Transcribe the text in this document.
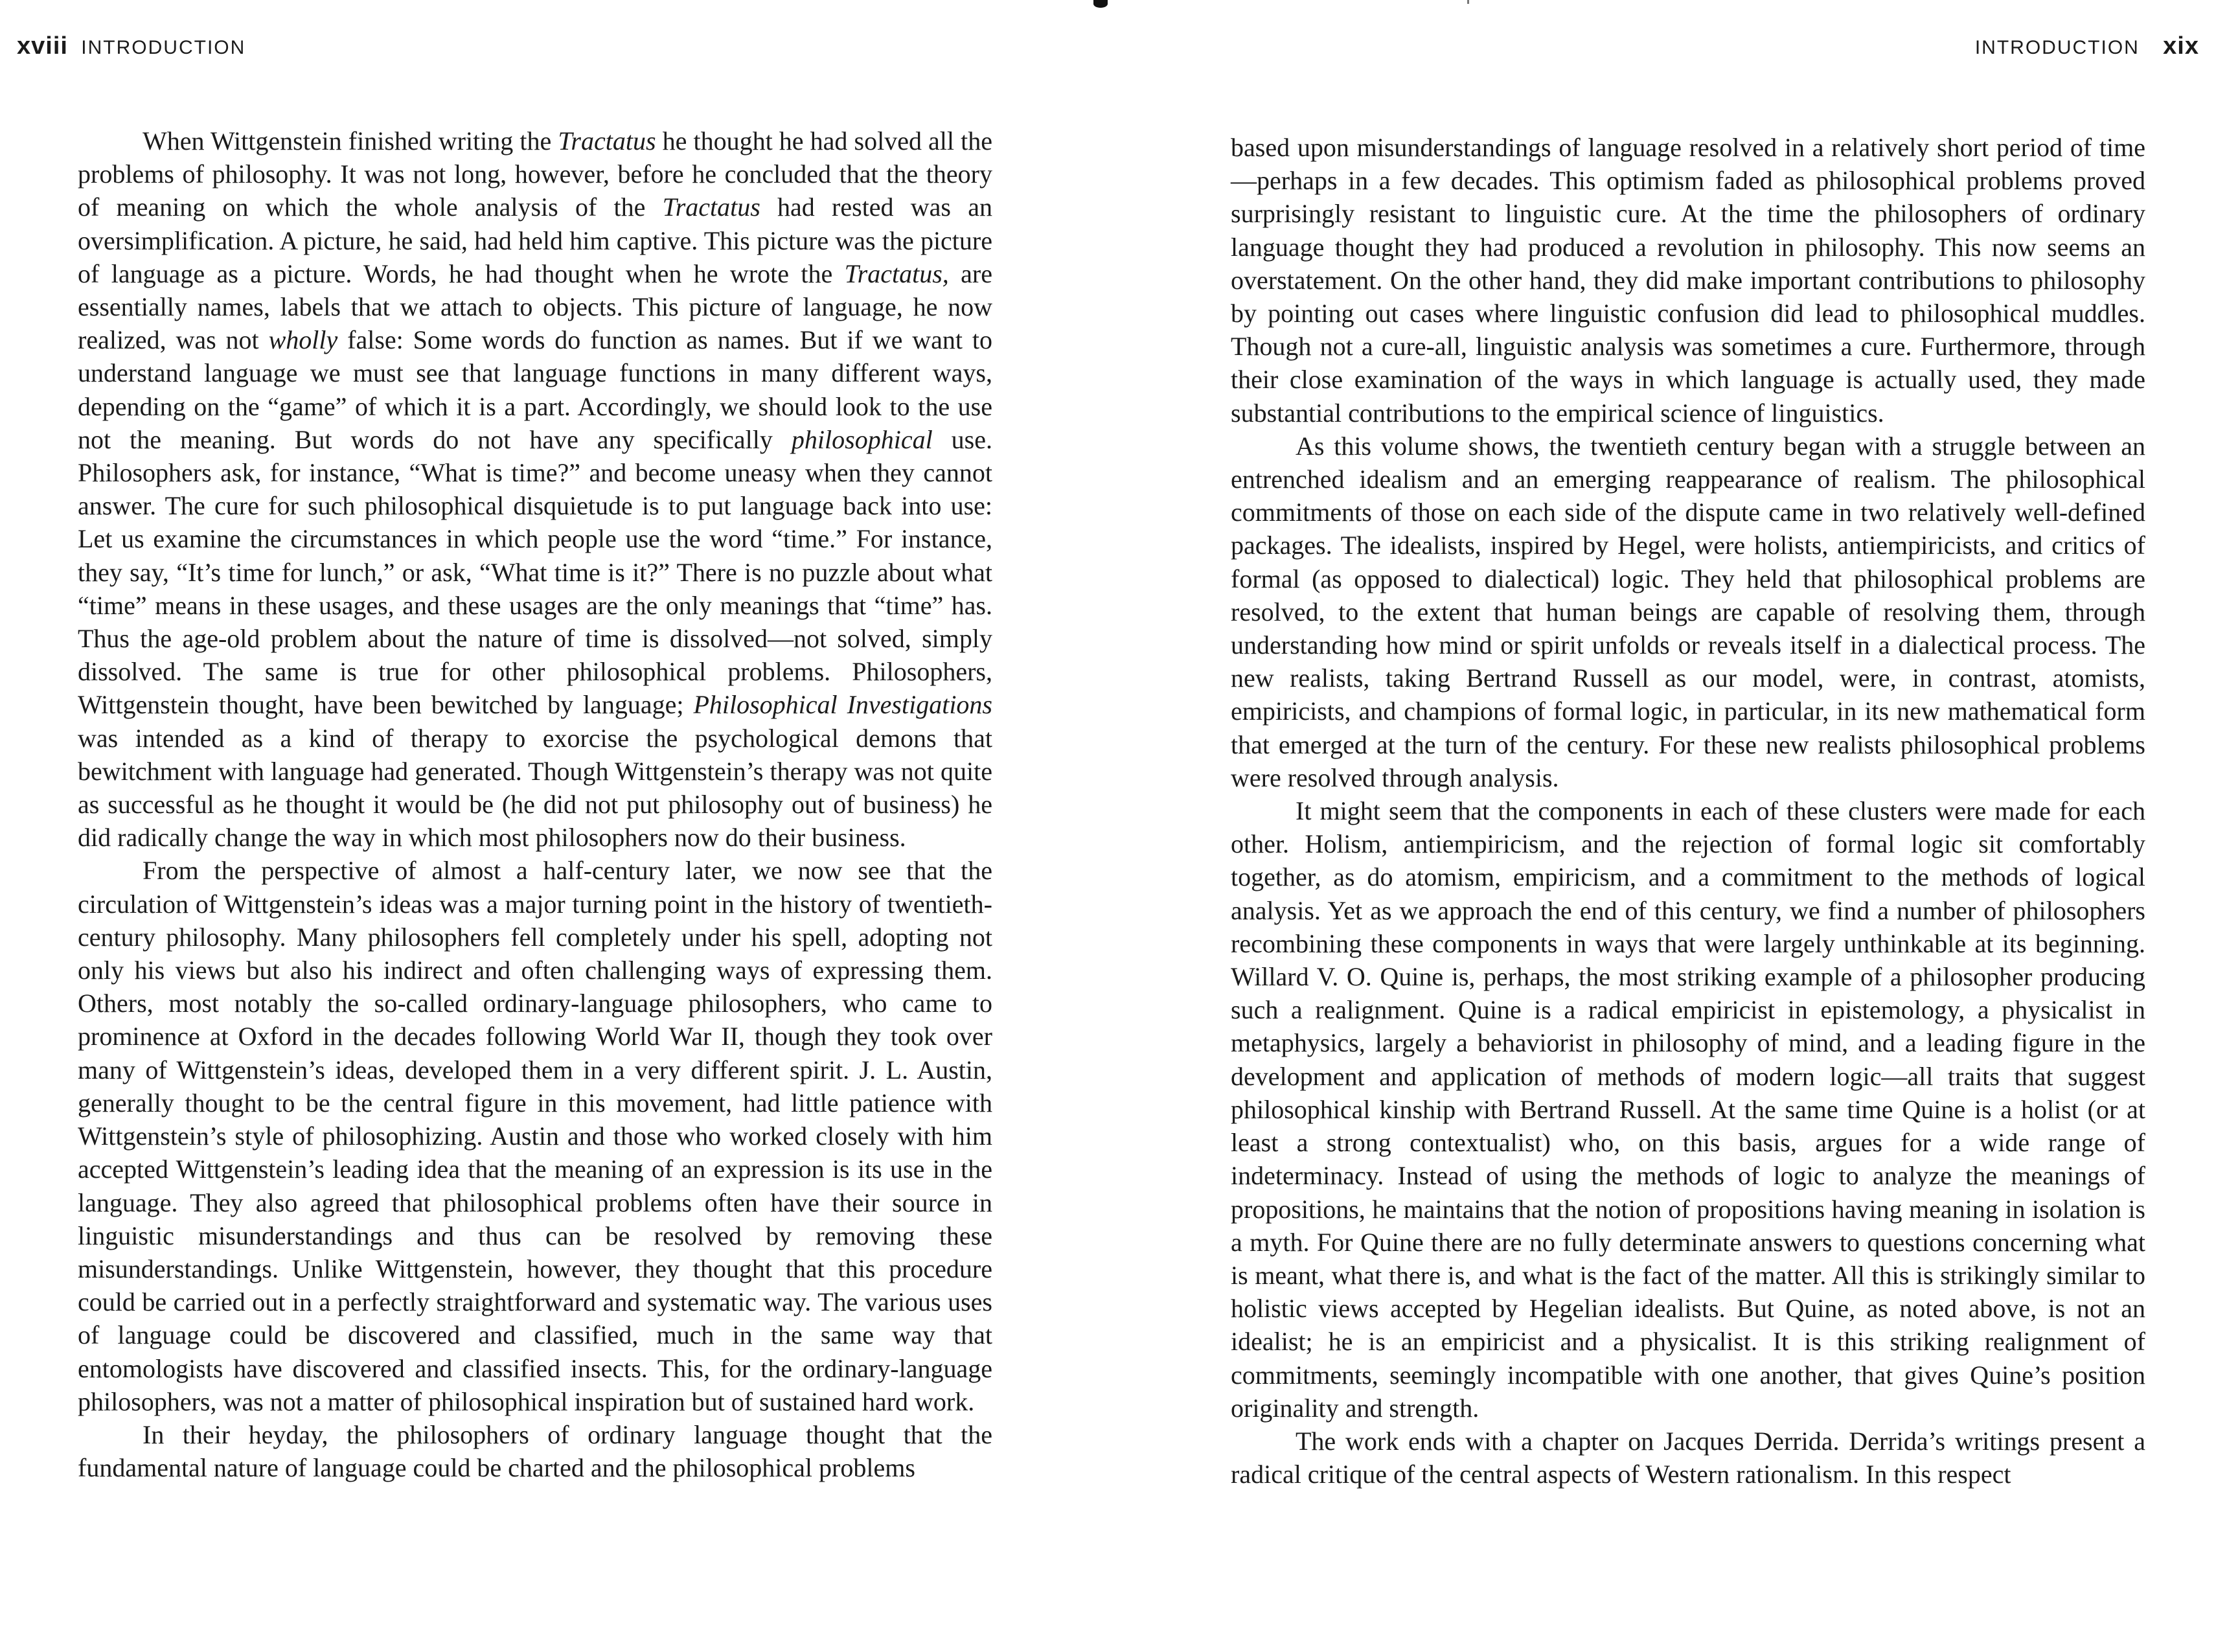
xviii INTRODUCTION

When Wittgenstein finished writing the Tractatus he thought he had solved all the problems of philosophy. It was not long, however, before he concluded that the theory of meaning on which the whole analysis of the Tractatus had rested was an oversimplification. A picture, he said, had held him captive. This picture was the picture of language as a picture. Words, he had thought when he wrote the Tractatus, are essentially names, labels that we attach to objects. This picture of language, he now realized, was not wholly false: Some words do function as names. But if we want to understand language we must see that language functions in many different ways, depending on the “game” of which it is a part. Accordingly, we should look to the use not the meaning. But words do not have any specifically philosophical use. Philosophers ask, for instance, “What is time?” and become uneasy when they cannot answer. The cure for such philosophical disquietude is to put language back into use: Let us examine the circumstances in which people use the word “time.” For instance, they say, “It’s time for lunch,” or ask, “What time is it?” There is no puzzle about what “time” means in these usages, and these usages are the only meanings that “time” has. Thus the age-old problem about the nature of time is dissolved—not solved, simply dissolved. The same is true for other philosophical problems. Philosophers, Wittgenstein thought, have been bewitched by language; Philosophical Investigations was intended as a kind of therapy to exorcise the psychological demons that bewitchment with language had generated. Though Wittgenstein’s therapy was not quite as successful as he thought it would be (he did not put philosophy out of business) he did radically change the way in which most philosophers now do their business.

From the perspective of almost a half-century later, we now see that the circulation of Wittgenstein’s ideas was a major turning point in the history of twentieth-century philosophy. Many philosophers fell completely under his spell, adopting not only his views but also his indirect and often challenging ways of expressing them. Others, most notably the so-called ordinary-language philosophers, who came to prominence at Oxford in the decades following World War II, though they took over many of Wittgenstein’s ideas, developed them in a very different spirit. J. L. Austin, generally thought to be the central figure in this movement, had little patience with Wittgenstein’s style of philosophizing. Austin and those who worked closely with him accepted Wittgenstein’s leading idea that the meaning of an expression is its use in the language. They also agreed that philosophical problems often have their source in linguistic misunderstandings and thus can be resolved by removing these misunderstandings. Unlike Wittgenstein, however, they thought that this procedure could be carried out in a perfectly straightforward and systematic way. The various uses of language could be discovered and classified, much in the same way that entomologists have discovered and classified insects. This, for the ordinary-language philosophers, was not a matter of philosophical inspiration but of sustained hard work.

In their heyday, the philosophers of ordinary language thought that the fundamental nature of language could be charted and the philosophical problems

INTRODUCTION xix

based upon misunderstandings of language resolved in a relatively short period of time—perhaps in a few decades. This optimism faded as philosophical problems proved surprisingly resistant to linguistic cure. At the time the philosophers of ordinary language thought they had produced a revolution in philosophy. This now seems an overstatement. On the other hand, they did make important contributions to philosophy by pointing out cases where linguistic confusion did lead to philosophical muddles. Though not a cure-all, linguistic analysis was sometimes a cure. Furthermore, through their close examination of the ways in which language is actually used, they made substantial contributions to the empirical science of linguistics.

As this volume shows, the twentieth century began with a struggle between an entrenched idealism and an emerging reappearance of realism. The philosophical commitments of those on each side of the dispute came in two relatively well-defined packages. The idealists, inspired by Hegel, were holists, antiempiricists, and critics of formal (as opposed to dialectical) logic. They held that philosophical problems are resolved, to the extent that human beings are capable of resolving them, through understanding how mind or spirit unfolds or reveals itself in a dialectical process. The new realists, taking Bertrand Russell as our model, were, in contrast, atomists, empiricists, and champions of formal logic, in particular, in its new mathematical form that emerged at the turn of the century. For these new realists philosophical problems were resolved through analysis.

It might seem that the components in each of these clusters were made for each other. Holism, antiempiricism, and the rejection of formal logic sit comfortably together, as do atomism, empiricism, and a commitment to the methods of logical analysis. Yet as we approach the end of this century, we find a number of philosophers recombining these components in ways that were largely unthinkable at its beginning. Willard V. O. Quine is, perhaps, the most striking example of a philosopher producing such a realignment. Quine is a radical empiricist in epistemology, a physicalist in metaphysics, largely a behaviorist in philosophy of mind, and a leading figure in the development and application of methods of modern logic—all traits that suggest philosophical kinship with Bertrand Russell. At the same time Quine is a holist (or at least a strong contextualist) who, on this basis, argues for a wide range of indeterminacy. Instead of using the methods of logic to analyze the meanings of propositions, he maintains that the notion of propositions having meaning in isolation is a myth. For Quine there are no fully determinate answers to questions concerning what is meant, what there is, and what is the fact of the matter. All this is strikingly similar to holistic views accepted by Hegelian idealists. But Quine, as noted above, is not an idealist; he is an empiricist and a physicalist. It is this striking realignment of commitments, seemingly incompatible with one another, that gives Quine’s position originality and strength.

The work ends with a chapter on Jacques Derrida. Derrida’s writings present a radical critique of the central aspects of Western rationalism. In this respect
